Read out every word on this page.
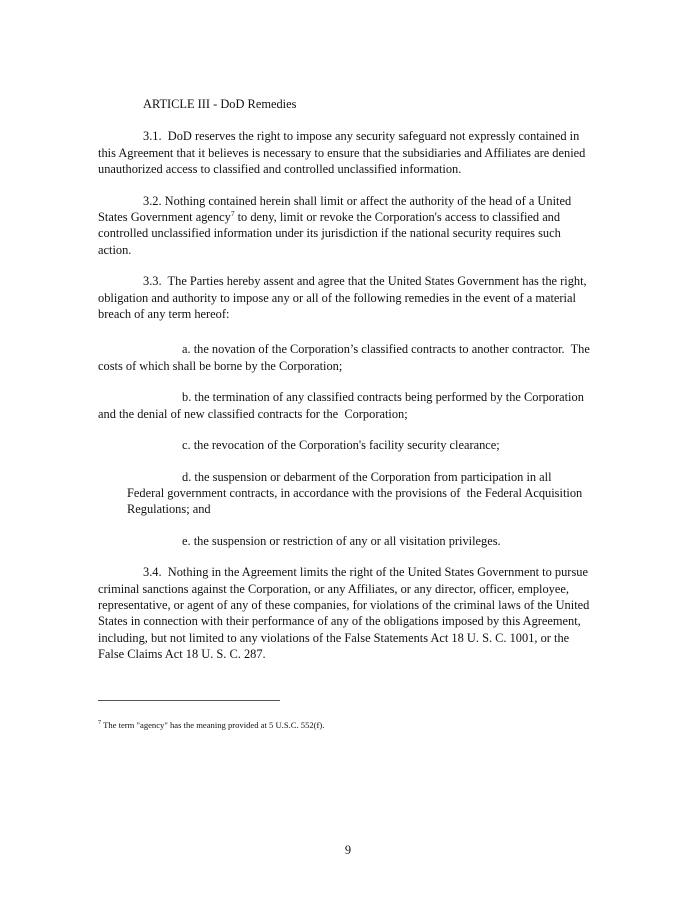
ARTICLE III - DoD Remedies

3.1.  DoD reserves the right to impose any security safeguard not expressly contained in this Agreement that it believes is necessary to ensure that the subsidiaries and Affiliates are denied unauthorized access to classified and controlled unclassified information.

3.2. Nothing contained herein shall limit or affect the authority of the head of a United States Government agency$^7$ to deny, limit or revoke the Corporation's access to classified and controlled unclassified information under its jurisdiction if the national security requires such action.

3.3.  The Parties hereby assent and agree that the United States Government has the right, obligation and authority to impose any or all of the following remedies in the event of a material breach of any term hereof:

a. the novation of the Corporation’s classified contracts to another contractor.  The costs of which shall be borne by the Corporation;

b. the termination of any classified contracts being performed by the Corporation and the denial of new classified contracts for the  Corporation;

c. the revocation of the Corporation's facility security clearance;

d. the suspension or debarment of the Corporation from participation in all Federal government contracts, in accordance with the provisions of  the Federal Acquisition Regulations; and

e. the suspension or restriction of any or all visitation privileges.

3.4.  Nothing in the Agreement limits the right of the United States Government to pursue criminal sanctions against the Corporation, or any Affiliates, or any director, officer, employee, representative, or agent of any of these companies, for violations of the criminal laws of the United States in connection with their performance of any of the obligations imposed by this Agreement, including, but not limited to any violations of the False Statements Act 18 U. S. C. 1001, or the False Claims Act 18 U. S. C. 287.

$^7$ The term "agency" has the meaning provided at 5 U.S.C. 552(f).

9
